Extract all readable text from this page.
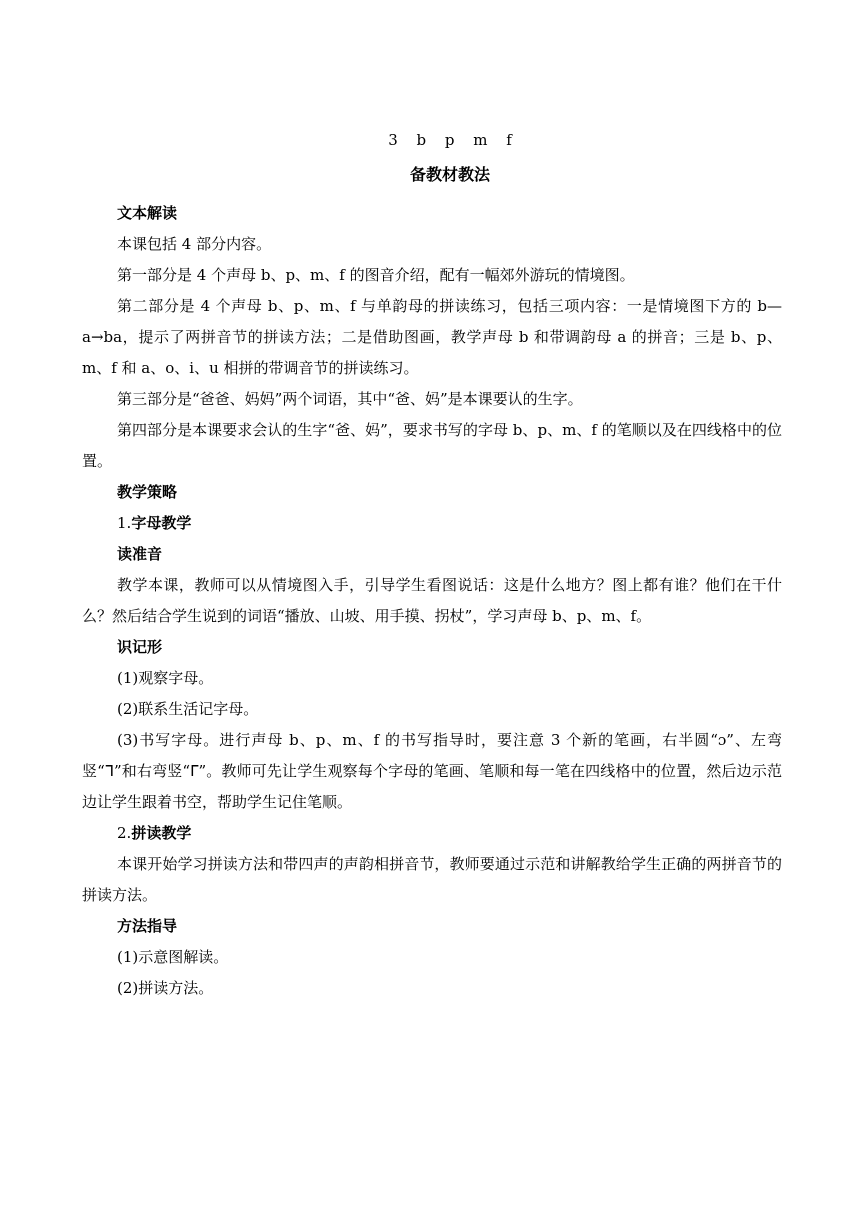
3 b p m f
备教材教法

文本解读

本课包括 4 部分内容。

第一部分是 4 个声母 b、p、m、f 的图音介绍，配有一幅郊外游玩的情境图。

第二部分是 4 个声母 b、p、m、f 与单韵母的拼读练习，包括三项内容：一是情境图下方的 b—a→ba，提示了两拼音节的拼读方法；二是借助图画，教学声母 b 和带调韵母 a 的拼音；三是 b、p、m、f 和 a、o、i、u 相拼的带调音节的拼读练习。

第三部分是“爸爸、妈妈”两个词语，其中“爸、妈”是本课要认的生字。

第四部分是本课要求会认的生字“爸、妈”，要求书写的字母 b、p、m、f 的笔顺以及在四线格中的位置。

教学策略

1.字母教学

读准音

教学本课，教师可以从情境图入手，引导学生看图说话：这是什么地方？图上都有谁？他们在干什么？然后结合学生说到的词语“播放、山坡、用手摸、拐杖”，学习声母 b、p、m、f。

识记形

(1)观察字母。

(2)联系生活记字母。

(3)书写字母。进行声母 b、p、m、f 的书写指导时，要注意 3 个新的笔画，右半圆“ɔ”、左弯竖“ᒣ”和右弯竖“ᒥ”。教师可先让学生观察每个字母的笔画、笔顺和每一笔在四线格中的位置，然后边示范边让学生跟着书空，帮助学生记住笔顺。

2.拼读教学

本课开始学习拼读方法和带四声的声韵相拼音节，教师要通过示范和讲解教给学生正确的两拼音节的拼读方法。

方法指导

(1)示意图解读。

(2)拼读方法。
